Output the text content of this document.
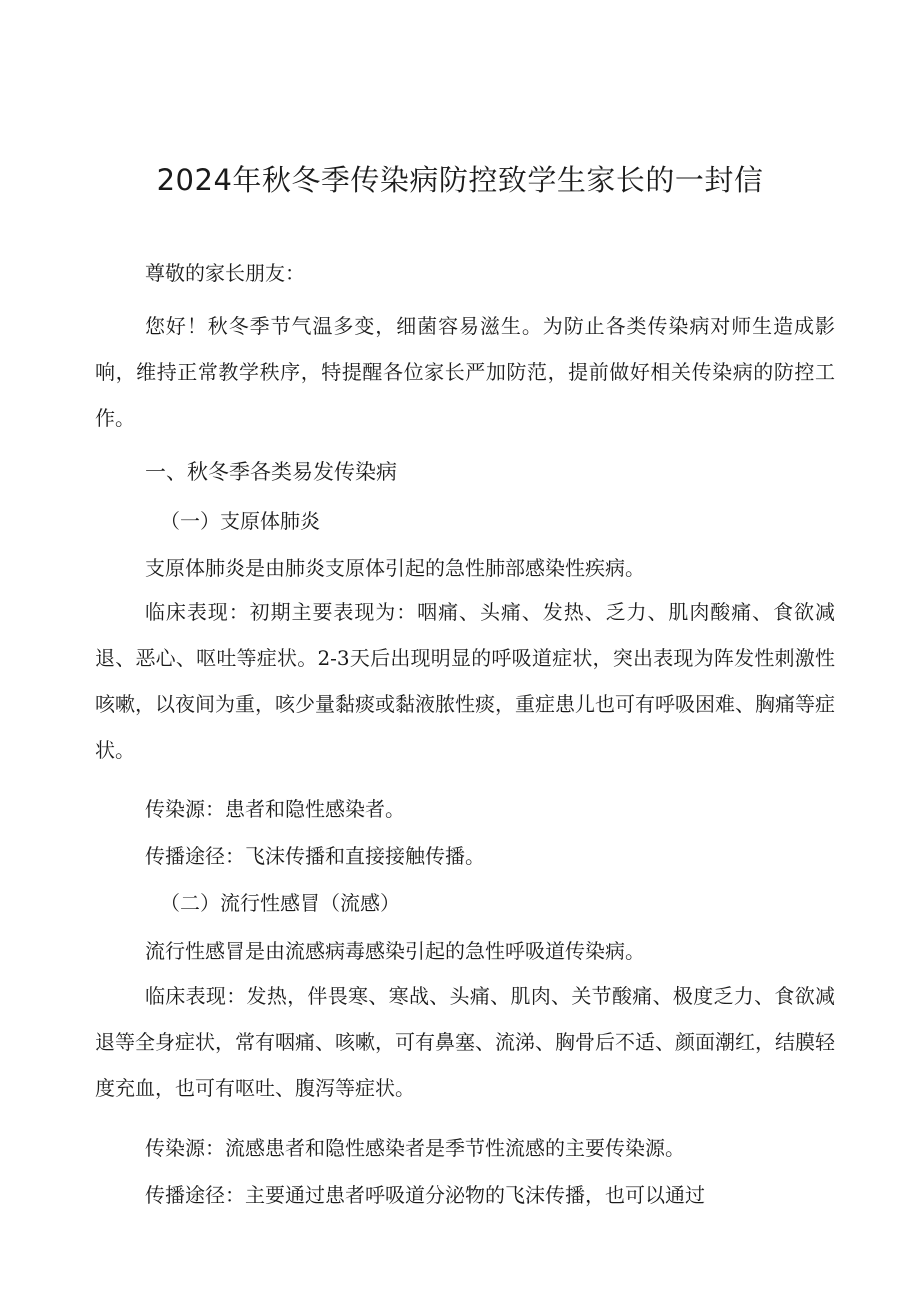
2024年秋冬季传染病防控致学生家长的一封信

尊敬的家长朋友：

您好！秋冬季节气温多变，细菌容易滋生。为防止各类传染病对师生造成影响，维持正常教学秩序，特提醒各位家长严加防范，提前做好相关传染病的防控工作。

一、秋冬季各类易发传染病

（一）支原体肺炎

支原体肺炎是由肺炎支原体引起的急性肺部感染性疾病。

临床表现：初期主要表现为：咽痛、头痛、发热、乏力、肌肉酸痛、食欲减退、恶心、呕吐等症状。2-3天后出现明显的呼吸道症状，突出表现为阵发性刺激性咳嗽，以夜间为重，咳少量黏痰或黏液脓性痰，重症患儿也可有呼吸困难、胸痛等症状。

传染源：患者和隐性感染者。

传播途径：飞沫传播和直接接触传播。

（二）流行性感冒（流感）

流行性感冒是由流感病毒感染引起的急性呼吸道传染病。

临床表现：发热，伴畏寒、寒战、头痛、肌肉、关节酸痛、极度乏力、食欲减退等全身症状，常有咽痛、咳嗽，可有鼻塞、流涕、胸骨后不适、颜面潮红，结膜轻度充血，也可有呕吐、腹泻等症状。

传染源：流感患者和隐性感染者是季节性流感的主要传染源。

传播途径：主要通过患者呼吸道分泌物的飞沫传播，也可以通过
